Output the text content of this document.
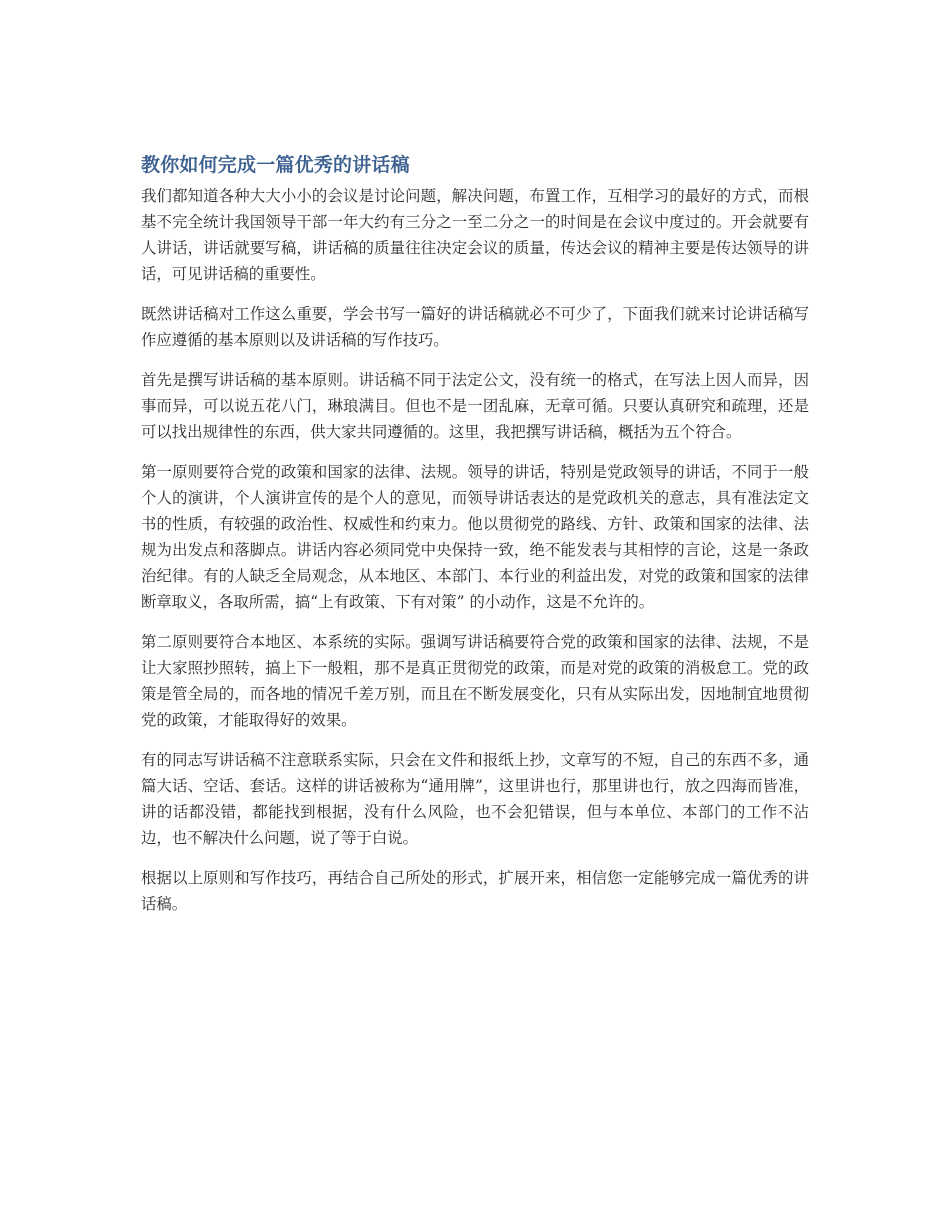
教你如何完成一篇优秀的讲话稿

我们都知道各种大大小小的会议是讨论问题，解决问题，布置工作，互相学习的最好的方式，而根基不完全统计我国领导干部一年大约有三分之一至二分之一的时间是在会议中度过的。开会就要有人讲话，讲话就要写稿，讲话稿的质量往往决定会议的质量，传达会议的精神主要是传达领导的讲话，可见讲话稿的重要性。

既然讲话稿对工作这么重要，学会书写一篇好的讲话稿就必不可少了，下面我们就来讨论讲话稿写作应遵循的基本原则以及讲话稿的写作技巧。

首先是撰写讲话稿的基本原则。讲话稿不同于法定公文，没有统一的格式，在写法上因人而异，因事而异，可以说五花八门，琳琅满目。但也不是一团乱麻，无章可循。只要认真研究和疏理，还是可以找出规律性的东西，供大家共同遵循的。这里，我把撰写讲话稿，概括为五个符合。

第一原则要符合党的政策和国家的法律、法规。领导的讲话，特别是党政领导的讲话，不同于一般个人的演讲，个人演讲宣传的是个人的意见，而领导讲话表达的是党政机关的意志，具有准法定文书的性质，有较强的政治性、权威性和约束力。他以贯彻党的路线、方针、政策和国家的法律、法规为出发点和落脚点。讲话内容必须同党中央保持一致，绝不能发表与其相悖的言论，这是一条政治纪律。有的人缺乏全局观念，从本地区、本部门、本行业的利益出发，对党的政策和国家的法律断章取义，各取所需，搞“上有政策、下有对策” 的小动作，这是不允许的。

第二原则要符合本地区、本系统的实际。强调写讲话稿要符合党的政策和国家的法律、法规，不是让大家照抄照转，搞上下一般粗，那不是真正贯彻党的政策，而是对党的政策的消极怠工。党的政策是管全局的，而各地的情况千差万别，而且在不断发展变化，只有从实际出发，因地制宜地贯彻党的政策，才能取得好的效果。

有的同志写讲话稿不注意联系实际，只会在文件和报纸上抄，文章写的不短，自己的东西不多，通篇大话、空话、套话。这样的讲话被称为“通用牌”，这里讲也行，那里讲也行，放之四海而皆准，讲的话都没错，都能找到根据，没有什么风险，也不会犯错误，但与本单位、本部门的工作不沾边，也不解决什么问题，说了等于白说。

根据以上原则和写作技巧，再结合自己所处的形式，扩展开来，相信您一定能够完成一篇优秀的讲话稿。
